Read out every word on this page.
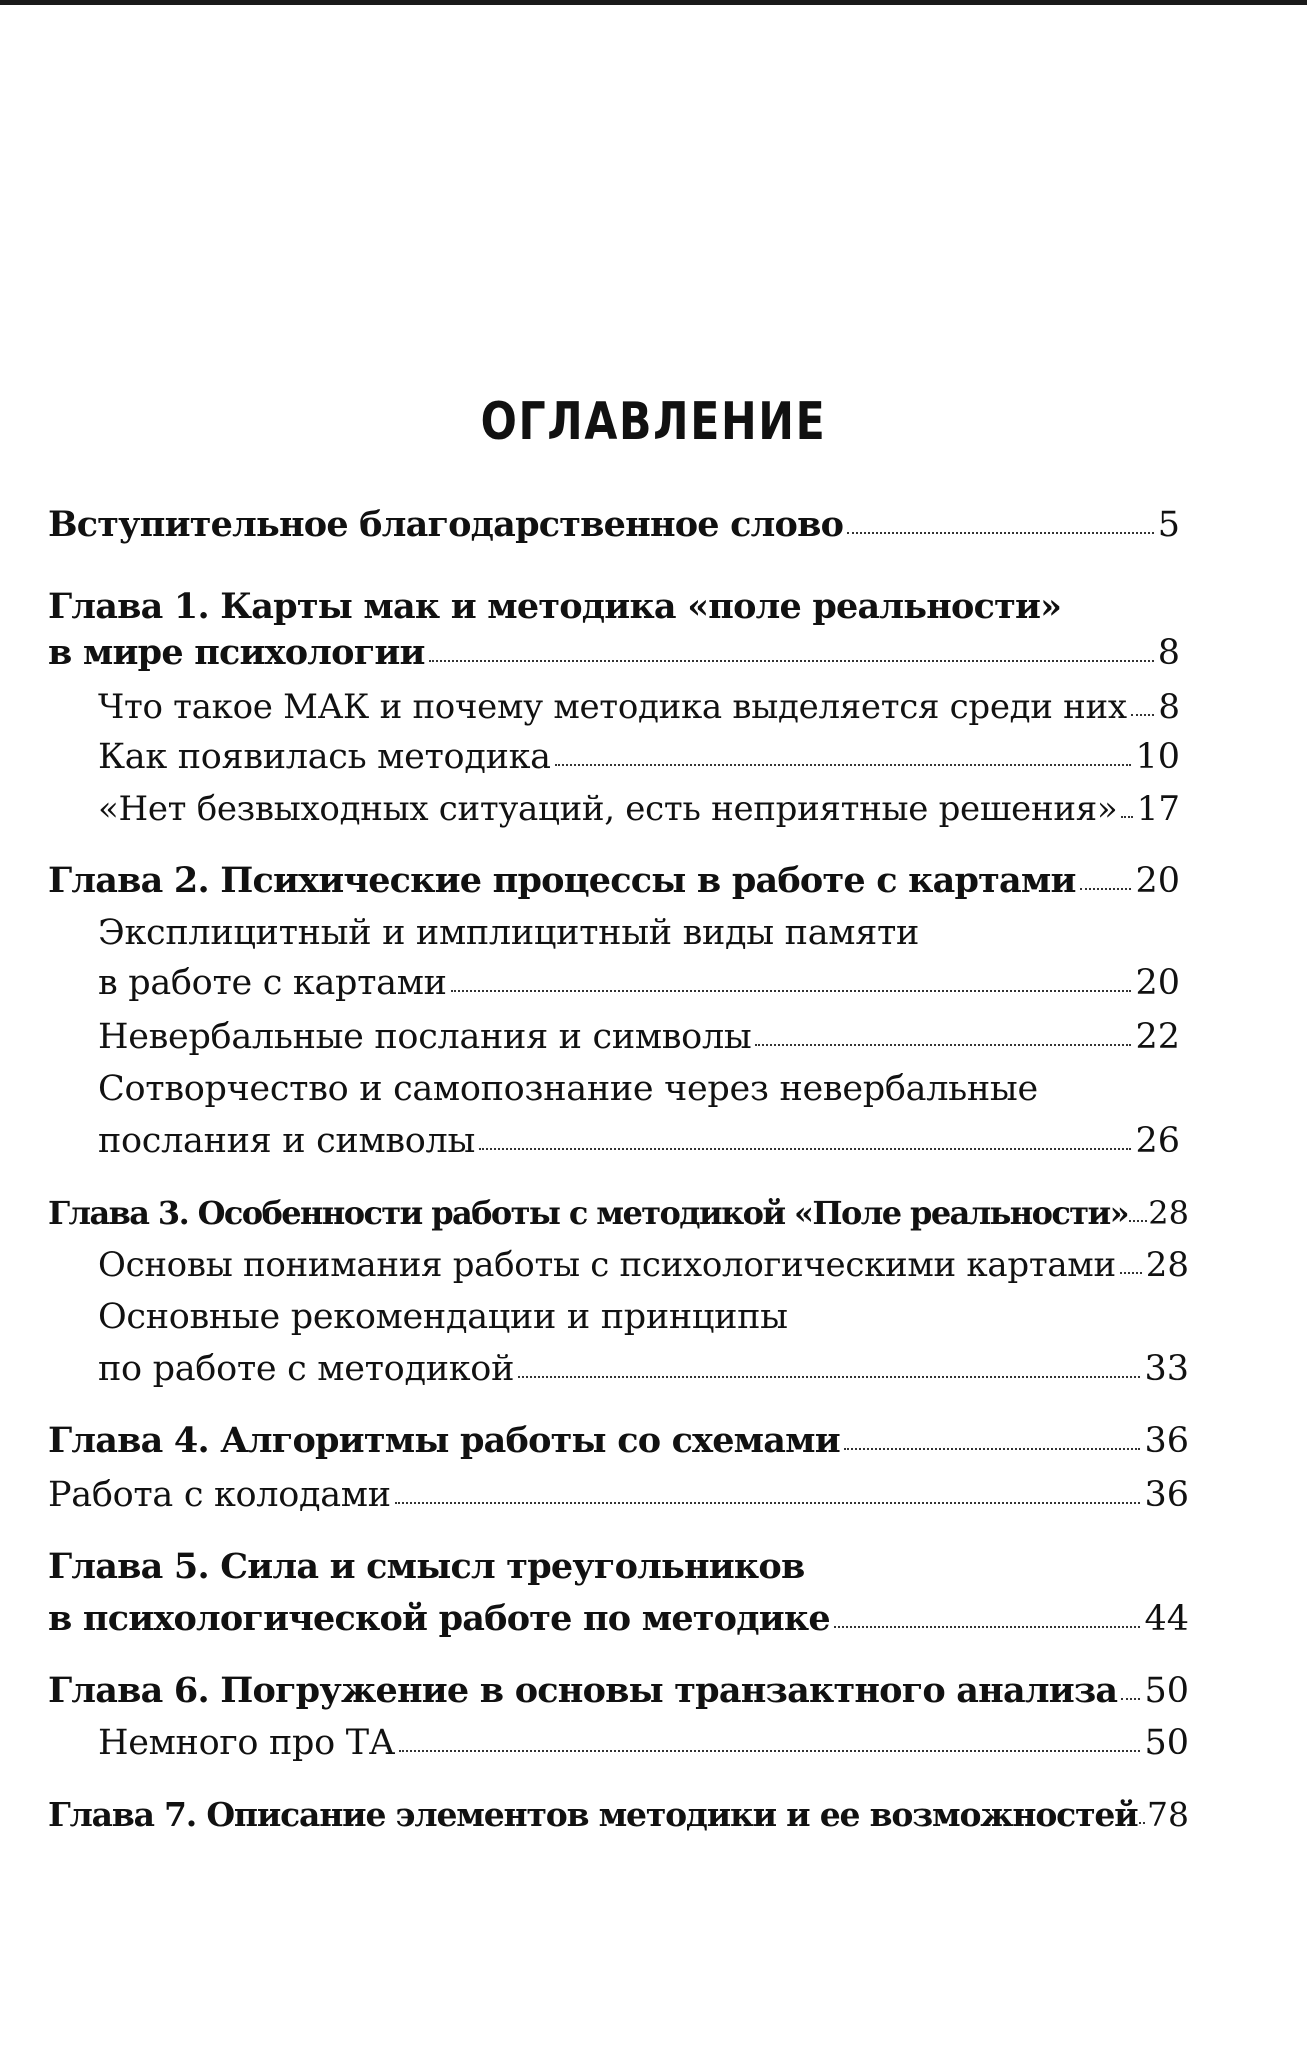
ОГЛАВЛЕНИЕ
Вступительное благодарственное слово	5
Глава 1. Карты мак и методика «поле реальности»
в мире психологии	8
Что такое МАК и почему методика выделяется среди них 8
Как появилась методика	10
«Нет безвыходных ситуаций, есть неприятные решения» 17
Глава 2. Психические процессы в работе с картами 20
Эксплицитный и имплицитный виды памяти
в работе с картами	20
Невербальные послания и символы	22
Сотворчество и самопознание через невербальные
послания и символы	26
Глава 3. Особенности работы с методикой «Поле реальности» 28
Основы понимания работы с психологическими картами 28
Основные рекомендации и принципы
по работе с методикой	33
Глава 4. Алгоритмы работы со схемами	36
Работа с колодами	36
Глава 5. Сила и смысл треугольников
в психологической работе по методике	44
Глава 6. Погружение в основы транзактного анализа 50
Немного про ТА	50
Глава 7. Описание элементов методики и ее возможностей 78
